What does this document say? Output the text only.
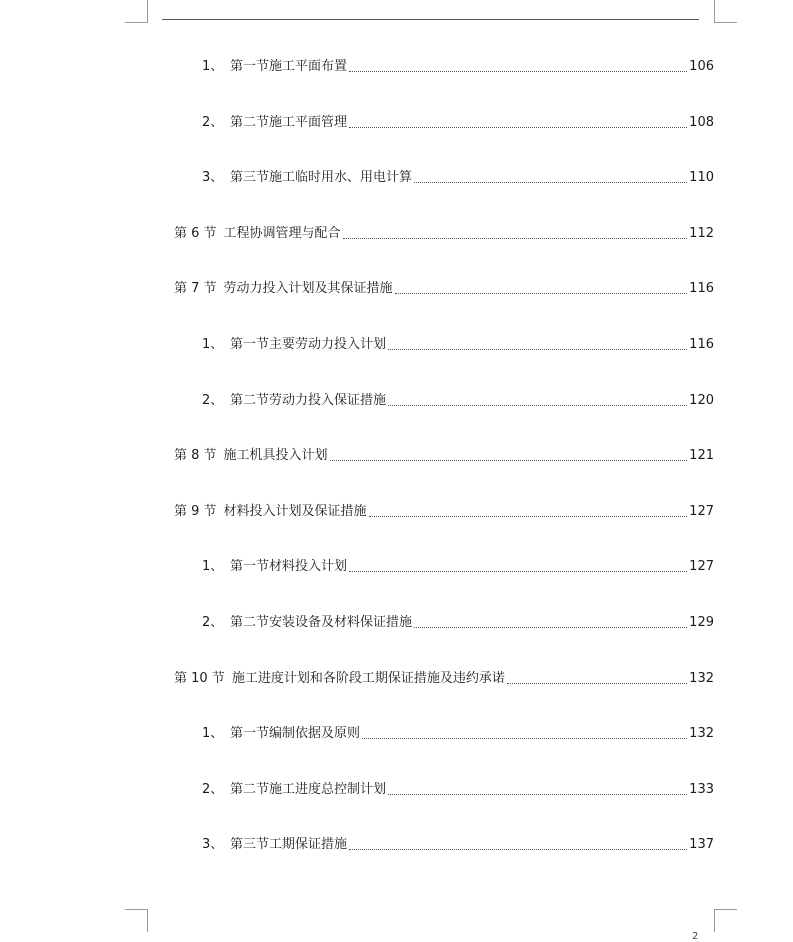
1、 第一节施工平面布置	106
2、 第二节施工平面管理	108
3、 第三节施工临时用水、用电计算	110
第 6 节 工程协调管理与配合	112
第 7 节 劳动力投入计划及其保证措施	116
1、 第一节主要劳动力投入计划	116
2、 第二节劳动力投入保证措施	120
第 8 节 施工机具投入计划	121
第 9 节 材料投入计划及保证措施	127
1、 第一节材料投入计划	127
2、 第二节安装设备及材料保证措施	129
第 10 节 施工进度计划和各阶段工期保证措施及违约承诺	132
1、 第一节编制依据及原则	132
2、 第二节施工进度总控制计划	133
3、 第三节工期保证措施	137
2
